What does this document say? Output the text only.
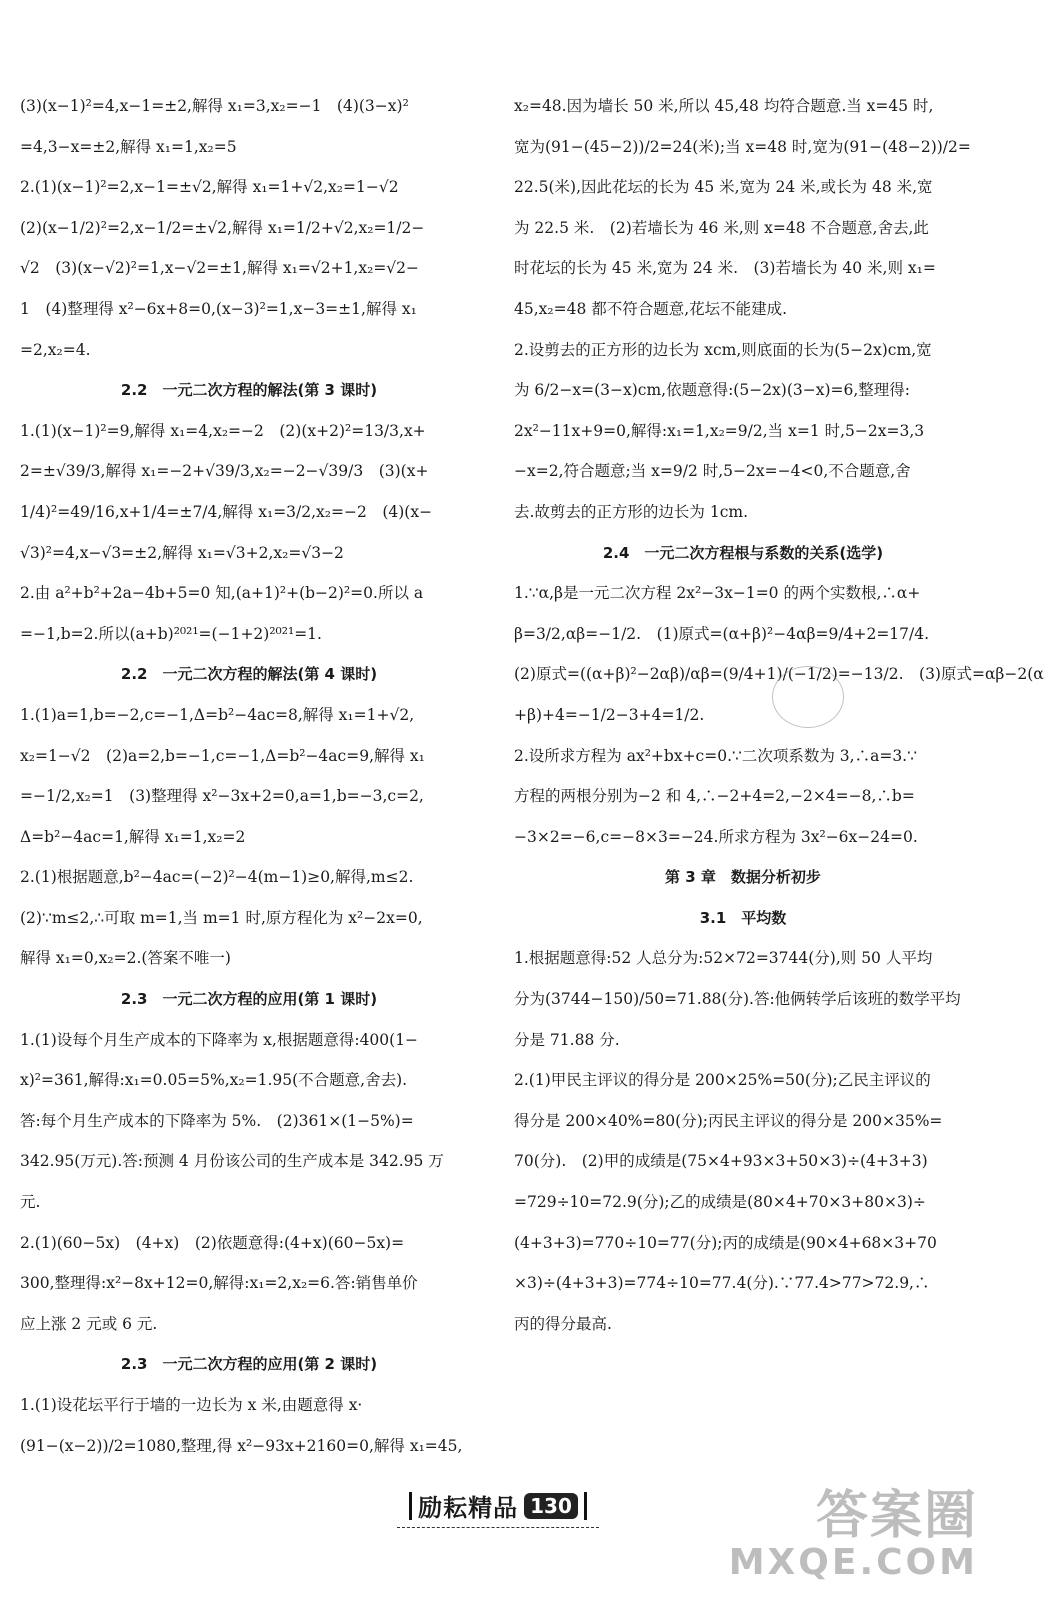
(3)(x−1)²=4,x−1=±2,解得 x₁=3,x₂=−1　(4)(3−x)²
=4,3−x=±2,解得 x₁=1,x₂=5
2.(1)(x−1)²=2,x−1=±√2,解得 x₁=1+√2,x₂=1−√2
(2)(x−1/2)²=2,x−1/2=±√2,解得 x₁=1/2+√2,x₂=1/2−
√2　(3)(x−√2)²=1,x−√2=±1,解得 x₁=√2+1,x₂=√2−
1　(4)整理得 x²−6x+8=0,(x−3)²=1,x−3=±1,解得 x₁
=2,x₂=4.
2.2　一元二次方程的解法(第 3 课时)
1.(1)(x−1)²=9,解得 x₁=4,x₂=−2　(2)(x+2)²=13/3,x+
2=±√39/3,解得 x₁=−2+√39/3,x₂=−2−√39/3　(3)(x+
1/4)²=49/16,x+1/4=±7/4,解得 x₁=3/2,x₂=−2　(4)(x−
√3)²=4,x−√3=±2,解得 x₁=√3+2,x₂=√3−2
2.由 a²+b²+2a−4b+5=0 知,(a+1)²+(b−2)²=0.所以 a
=−1,b=2.所以(a+b)²⁰²¹=(−1+2)²⁰²¹=1.
2.2　一元二次方程的解法(第 4 课时)
1.(1)a=1,b=−2,c=−1,Δ=b²−4ac=8,解得 x₁=1+√2,
x₂=1−√2　(2)a=2,b=−1,c=−1,Δ=b²−4ac=9,解得 x₁
=−1/2,x₂=1　(3)整理得 x²−3x+2=0,a=1,b=−3,c=2,
Δ=b²−4ac=1,解得 x₁=1,x₂=2
2.(1)根据题意,b²−4ac=(−2)²−4(m−1)≥0,解得,m≤2.
(2)∵m≤2,∴可取 m=1,当 m=1 时,原方程化为 x²−2x=0,
解得 x₁=0,x₂=2.(答案不唯一)
2.3　一元二次方程的应用(第 1 课时)
1.(1)设每个月生产成本的下降率为 x,根据题意得:400(1−
x)²=361,解得:x₁=0.05=5%,x₂=1.95(不合题意,舍去).
答:每个月生产成本的下降率为 5%.　(2)361×(1−5%)=
342.95(万元).答:预测 4 月份该公司的生产成本是 342.95 万
元.
2.(1)(60−5x)　(4+x)　(2)依题意得:(4+x)(60−5x)=
300,整理得:x²−8x+12=0,解得:x₁=2,x₂=6.答:销售单价
应上涨 2 元或 6 元.
2.3　一元二次方程的应用(第 2 课时)
1.(1)设花坛平行于墙的一边长为 x 米,由题意得 x·
(91−(x−2))/2=1080,整理,得 x²−93x+2160=0,解得 x₁=45,
x₂=48.因为墙长 50 米,所以 45,48 均符合题意.当 x=45 时,
宽为(91−(45−2))/2=24(米);当 x=48 时,宽为(91−(48−2))/2=
22.5(米),因此花坛的长为 45 米,宽为 24 米,或长为 48 米,宽
为 22.5 米.　(2)若墙长为 46 米,则 x=48 不合题意,舍去,此
时花坛的长为 45 米,宽为 24 米.　(3)若墙长为 40 米,则 x₁=
45,x₂=48 都不符合题意,花坛不能建成.
2.设剪去的正方形的边长为 xcm,则底面的长为(5−2x)cm,宽
为 6/2−x=(3−x)cm,依题意得:(5−2x)(3−x)=6,整理得:
2x²−11x+9=0,解得:x₁=1,x₂=9/2,当 x=1 时,5−2x=3,3
−x=2,符合题意;当 x=9/2 时,5−2x=−4<0,不合题意,舍
去.故剪去的正方形的边长为 1cm.
2.4　一元二次方程根与系数的关系(选学)
1.∵α,β是一元二次方程 2x²−3x−1=0 的两个实数根,∴α+
β=3/2,αβ=−1/2.　(1)原式=(α+β)²−4αβ=9/4+2=17/4.
(2)原式=((α+β)²−2αβ)/αβ=(9/4+1)/(−1/2)=−13/2.　(3)原式=αβ−2(α
+β)+4=−1/2−3+4=1/2.
2.设所求方程为 ax²+bx+c=0.∵二次项系数为 3,∴a=3.∵
方程的两根分别为−2 和 4,∴−2+4=2,−2×4=−8,∴b=
−3×2=−6,c=−8×3=−24.所求方程为 3x²−6x−24=0.
第 3 章　数据分析初步
3.1　平均数
1.根据题意得:52 人总分为:52×72=3744(分),则 50 人平均
分为(3744−150)/50=71.88(分).答:他俩转学后该班的数学平均
分是 71.88 分.
2.(1)甲民主评议的得分是 200×25%=50(分);乙民主评议的
得分是 200×40%=80(分);丙民主评议的得分是 200×35%=
70(分).　(2)甲的成绩是(75×4+93×3+50×3)÷(4+3+3)
=729÷10=72.9(分);乙的成绩是(80×4+70×3+80×3)÷
(4+3+3)=770÷10=77(分);丙的成绩是(90×4+68×3+70
×3)÷(4+3+3)=774÷10=77.4(分).∵77.4>77>72.9,∴
丙的得分最高.
励耘精品 130	答案圈
MXQE.COM
